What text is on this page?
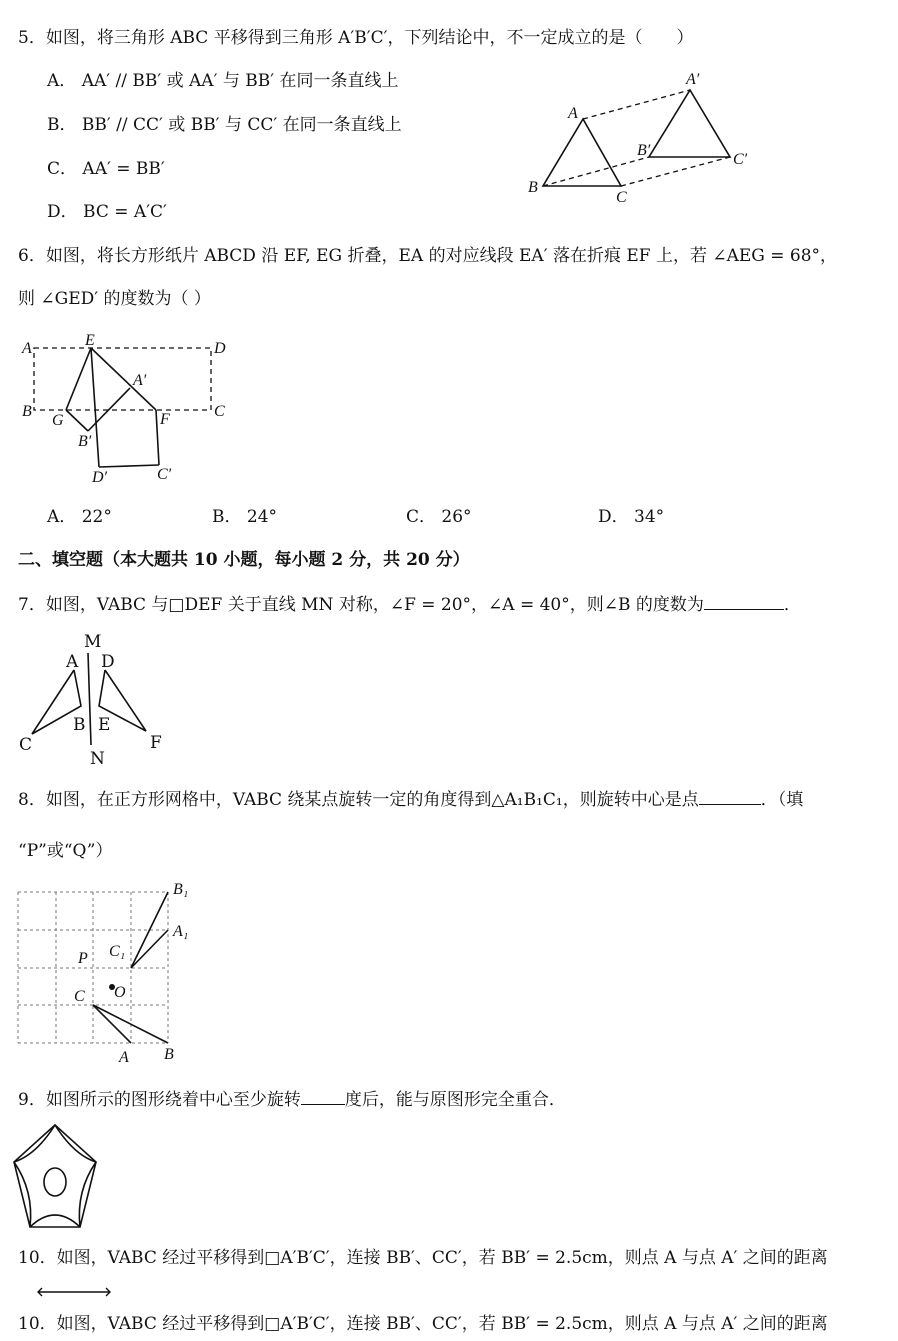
5．如图，将三角形 ABC 平移得到三角形 A′B′C′，下列结论中，不一定成立的是（　　）
A． AA′ // BB′ 或 AA′ 与 BB′ 在同一条直线上
B． BB′ // CC′ 或 BB′ 与 CC′ 在同一条直线上
C． AA′ = BB′
D． BC = A′C′
A
B
C
A′
B′
C′
6．如图，将长方形纸片 ABCD 沿 EF, EG 折叠，EA 的对应线段 EA′ 落在折痕 EF 上，若 ∠AEG = 68°，
则 ∠GED′ 的度数为（ ）
A	E	D
B
G	F	C
A′
B′
D′	C′
A． 22°	B． 24°	C． 26°	D． 34°
二、填空题（本大题共 10 小题，每小题 2 分，共 20 分）
7．如图，VABC 与□DEF 关于直线 MN 对称，∠F = 20°，∠A = 40°，则∠B 的度数为	．
M
N
A
B
C
D
E
F
8．如图，在正方形网格中，VABC 绕某点旋转一定的角度得到△A₁B₁C₁，则旋转中心是点	．（填
“P”或“Q”）
B₁
A₁
C₁
P
O
C
A B
9．如图所示的图形绕着中心至少旋转	度后，能与原图形完全重合．
10．如图，VABC 经过平移得到□A′B′C′，连接 BB′、CC′，若 BB′ = 2.5cm，则点 A 与点 A′ 之间的距离
10．如图，VABC 经过平移得到□A′B′C′，连接 BB′、CC′，若 BB′ = 2.5cm，则点 A 与点 A′ 之间的距离
